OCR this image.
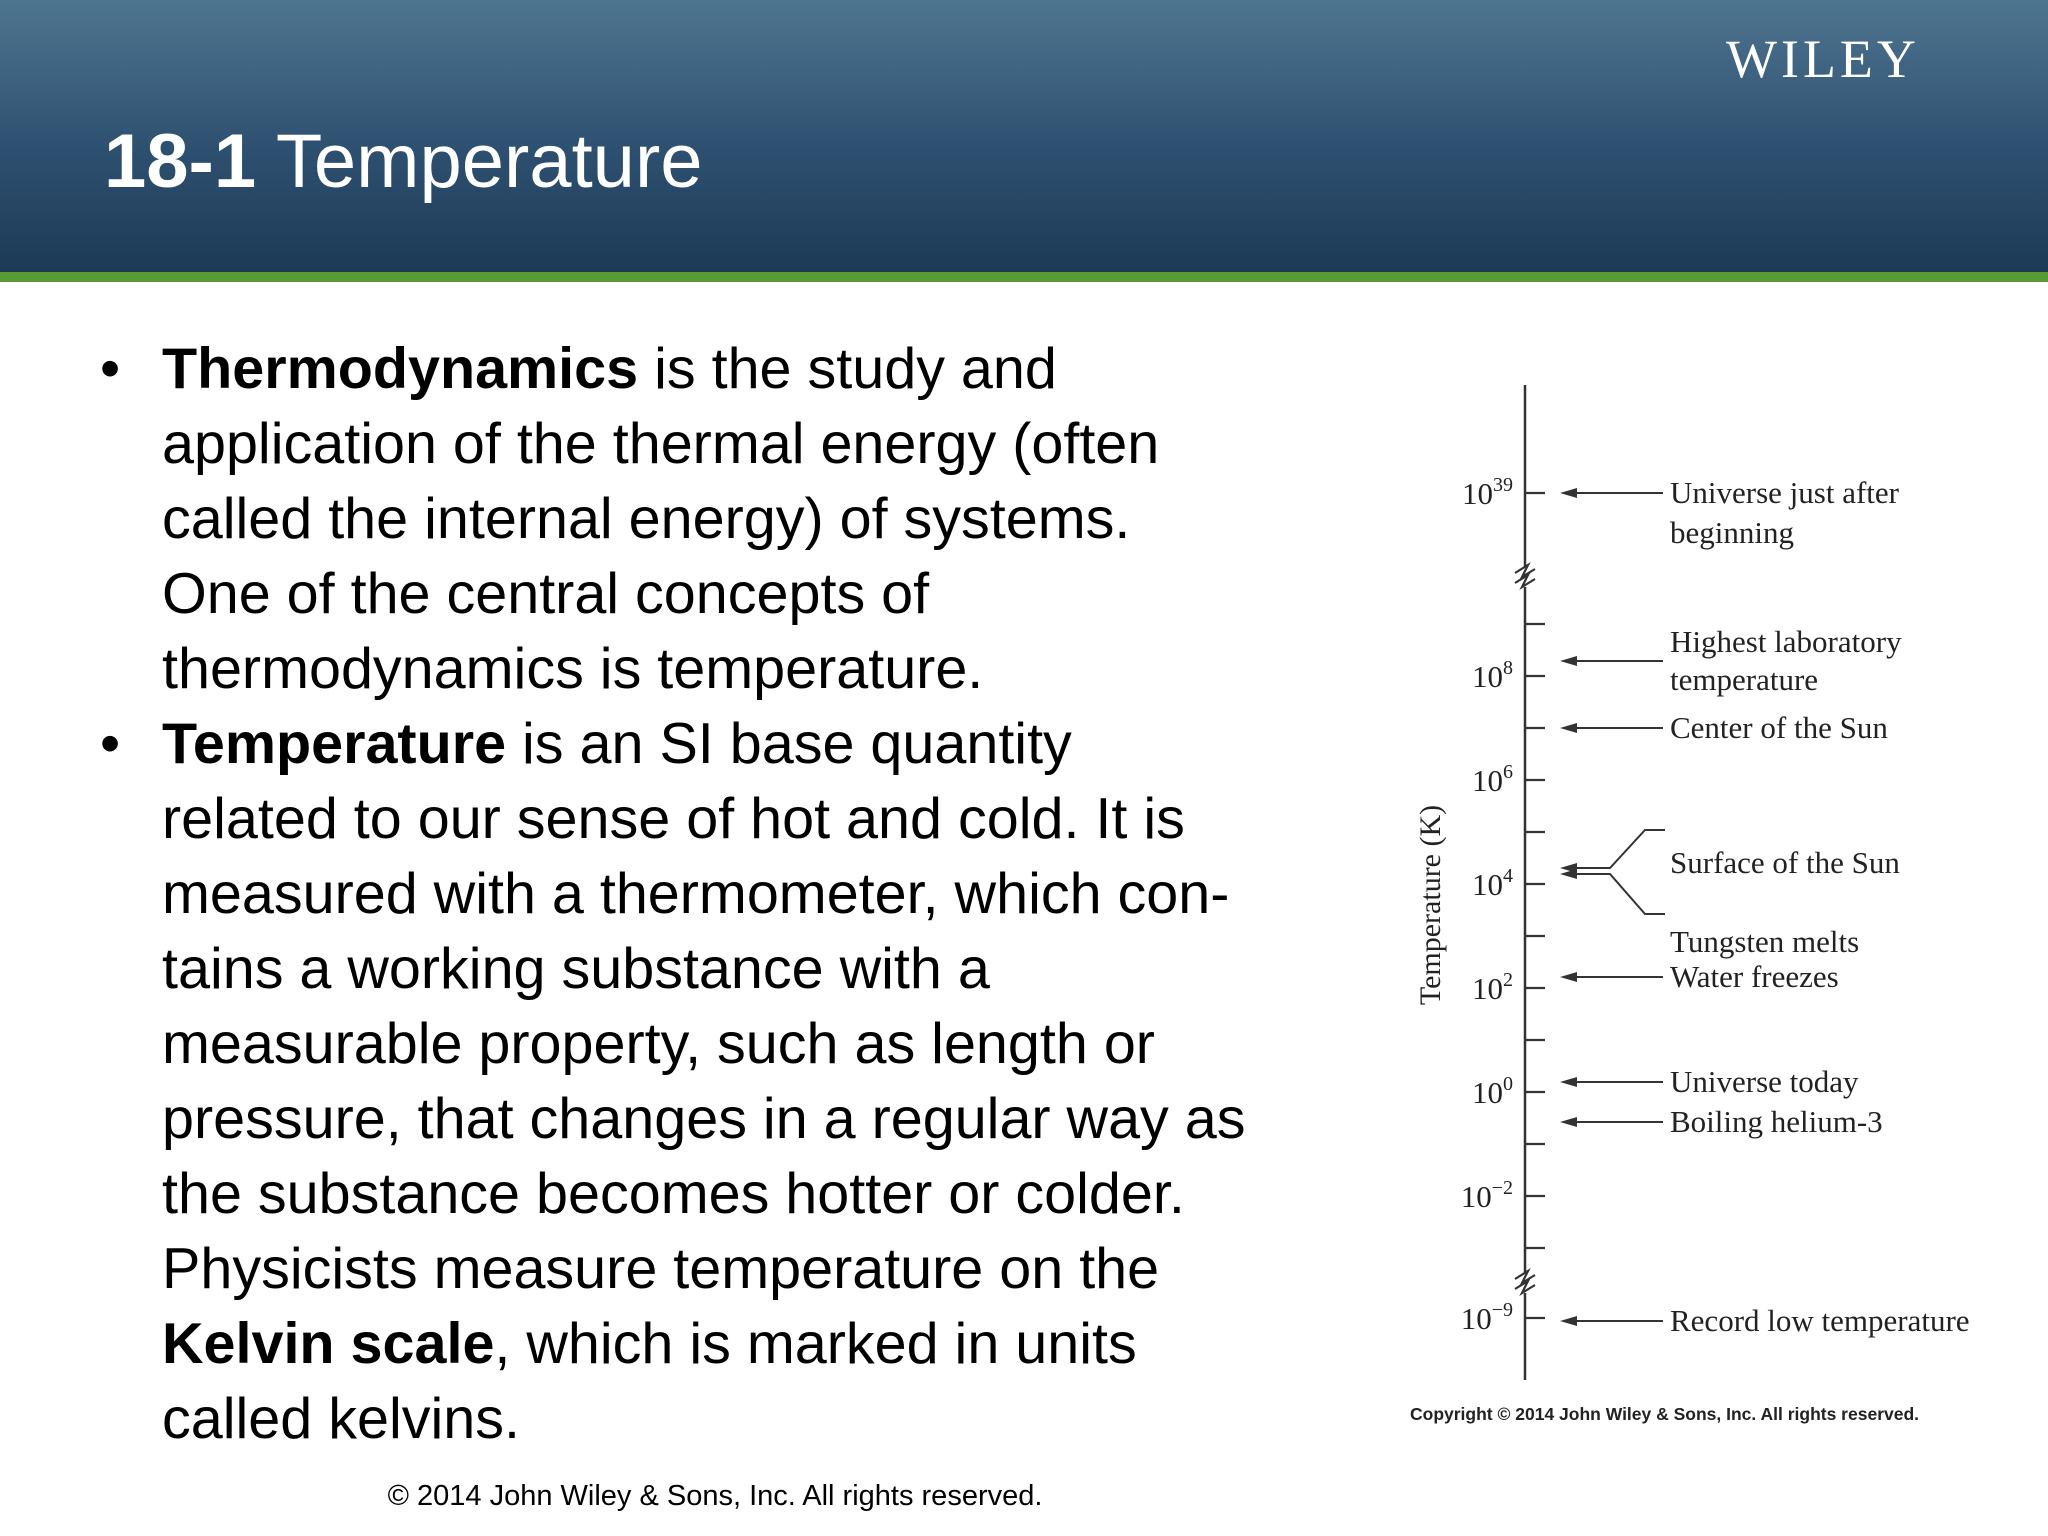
WILEY
18-1 Temperature
• Thermodynamics is the study and
application of the thermal energy (often
called the internal energy) of systems.
One of the central concepts of
thermodynamics is temperature.
• Temperature is an SI base quantity
related to our sense of hot and cold. It is
measured with a thermometer, which con-
tains a working substance with a
measurable property, such as length or
pressure, that changes in a regular way as
the substance becomes hotter or colder.
Physicists measure temperature on the
Kelvin scale, which is marked in units
called kelvins.
$10^{39}$
$10^8$
$10^6$
$10^4$
$10^2$
$10^0$
$10^{-2}$
$10^{-9}$
Universe just after
beginning
Highest laboratory
temperature
Center of the Sun
Surface of the Sun
Tungsten melts
Water freezes
Universe today
Boiling helium-3
Record low temperature
Temperature (K)
Copyright © 2014 John Wiley & Sons, Inc. All rights reserved.
© 2014 John Wiley & Sons, Inc. All rights reserved.
